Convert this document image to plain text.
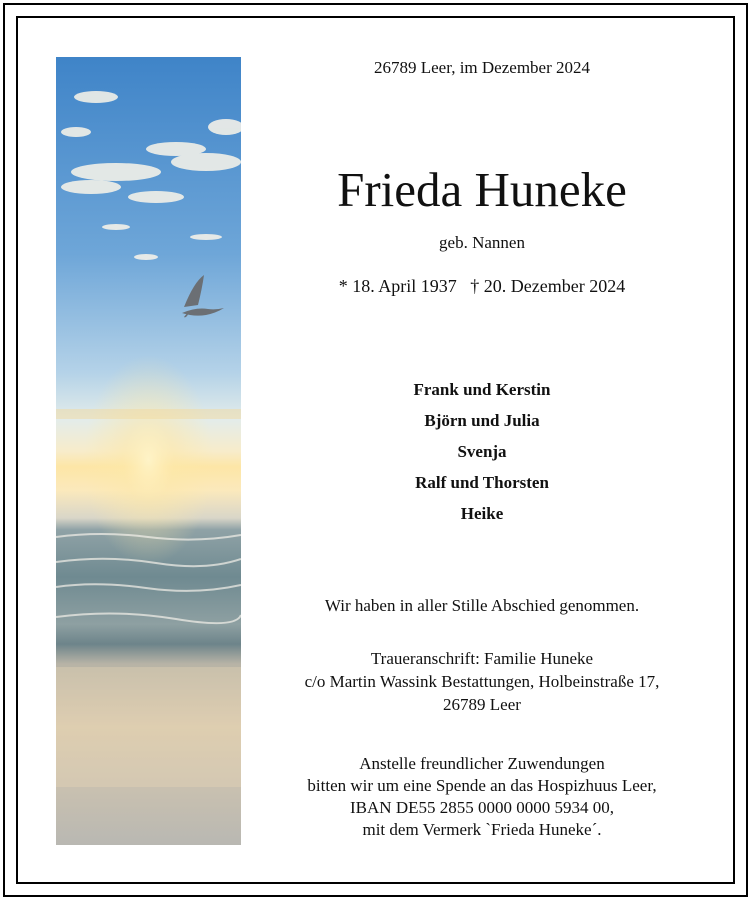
26789 Leer, im Dezember 2024
Frieda Huneke
geb. Nannen
* 18. April 1937   † 20. Dezember 2024
Frank und Kerstin
Björn und Julia
Svenja
Ralf und Thorsten
Heike
Wir haben in aller Stille Abschied genommen.
Traueranschrift: Familie Huneke
c/o Martin Wassink Bestattungen, Holbeinstraße 17,
26789 Leer
Anstelle freundlicher Zuwendungen
bitten wir um eine Spende an das Hospizhuus Leer,
IBAN DE55 2855 0000 0000 5934 00,
mit dem Vermerk `Frieda Huneke´.
